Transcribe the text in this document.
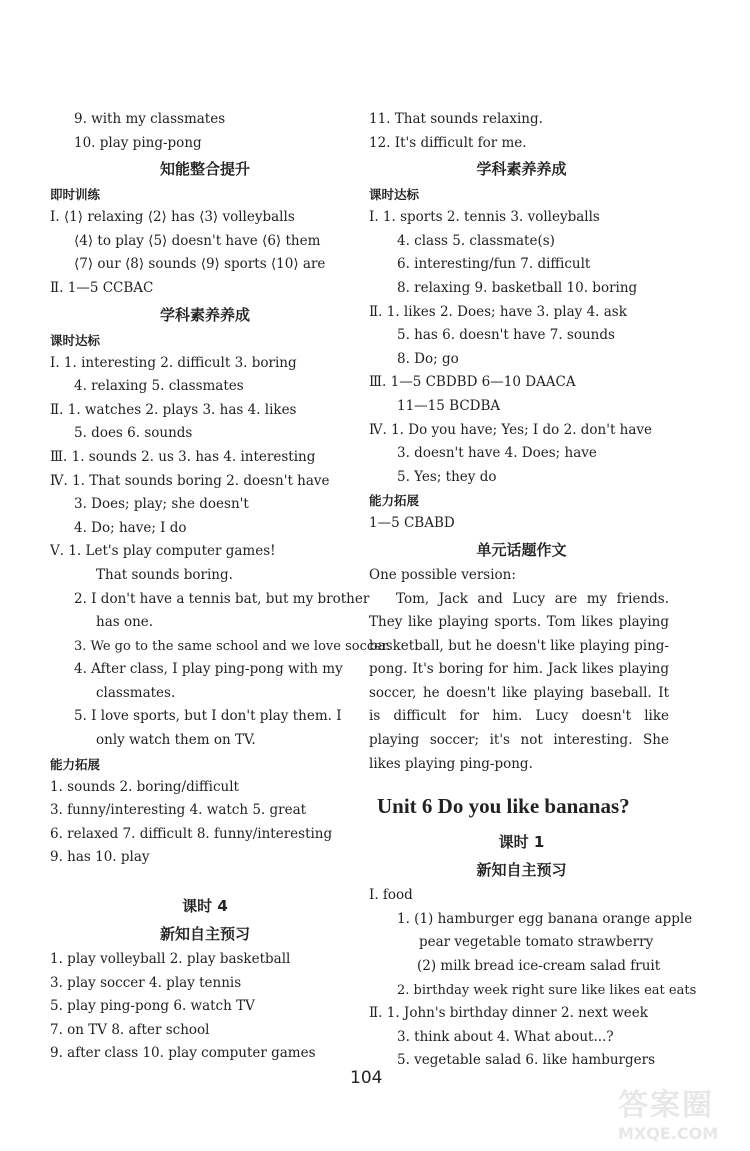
9. with my classmates
10. play ping-pong
知能整合提升
即时训练
Ⅰ. ⟨1⟩ relaxing ⟨2⟩ has ⟨3⟩ volleyballs
⟨4⟩ to play ⟨5⟩ doesn't have ⟨6⟩ them
⟨7⟩ our ⟨8⟩ sounds ⟨9⟩ sports ⟨10⟩ are
Ⅱ. 1—5 CCBAC
学科素养养成
课时达标
Ⅰ. 1. interesting 2. difficult 3. boring
4. relaxing 5. classmates
Ⅱ. 1. watches 2. plays 3. has 4. likes
5. does 6. sounds
Ⅲ. 1. sounds 2. us 3. has 4. interesting
Ⅳ. 1. That sounds boring 2. doesn't have
3. Does; play; she doesn't
4. Do; have; I do
Ⅴ. 1. Let's play computer games!
That sounds boring.
2. I don't have a tennis bat, but my brother
has one.
3. We go to the same school and we love soccer.
4. After class, I play ping-pong with my
classmates.
5. I love sports, but I don't play them. I
only watch them on TV.
能力拓展
1. sounds 2. boring/difficult
3. funny/interesting 4. watch 5. great
6. relaxed 7. difficult 8. funny/interesting
9. has 10. play
课时 4
新知自主预习
1. play volleyball 2. play basketball
3. play soccer 4. play tennis
5. play ping-pong 6. watch TV
7. on TV 8. after school
9. after class 10. play computer games
11. That sounds relaxing.
12. It's difficult for me.
学科素养养成
课时达标
Ⅰ. 1. sports 2. tennis 3. volleyballs
4. class 5. classmate(s)
6. interesting/fun 7. difficult
8. relaxing 9. basketball 10. boring
Ⅱ. 1. likes 2. Does; have 3. play 4. ask
5. has 6. doesn't have 7. sounds
8. Do; go
Ⅲ. 1—5 CBDBD 6—10 DAACA
11—15 BCDBA
Ⅳ. 1. Do you have; Yes; I do 2. don't have
3. doesn't have 4. Does; have
5. Yes; they do
能力拓展
1—5 CBABD
单元话题作文
One possible version:
Tom, Jack and Lucy are my friends. They like playing sports. Tom likes playing basketball, but he doesn't like playing ping-pong. It's boring for him. Jack likes playing soccer, he doesn't like playing baseball. It is difficult for him. Lucy doesn't like playing soccer; it's not interesting. She likes playing ping-pong.
Unit 6 Do you like bananas?
课时 1
新知自主预习
Ⅰ. food
1. (1) hamburger egg banana orange apple
pear vegetable tomato strawberry
(2) milk bread ice-cream salad fruit
2. birthday week right sure like likes eat eats
Ⅱ. 1. John's birthday dinner 2. next week
3. think about 4. What about...?
5. vegetable salad 6. like hamburgers
104
答案圈
MXQE.COM
